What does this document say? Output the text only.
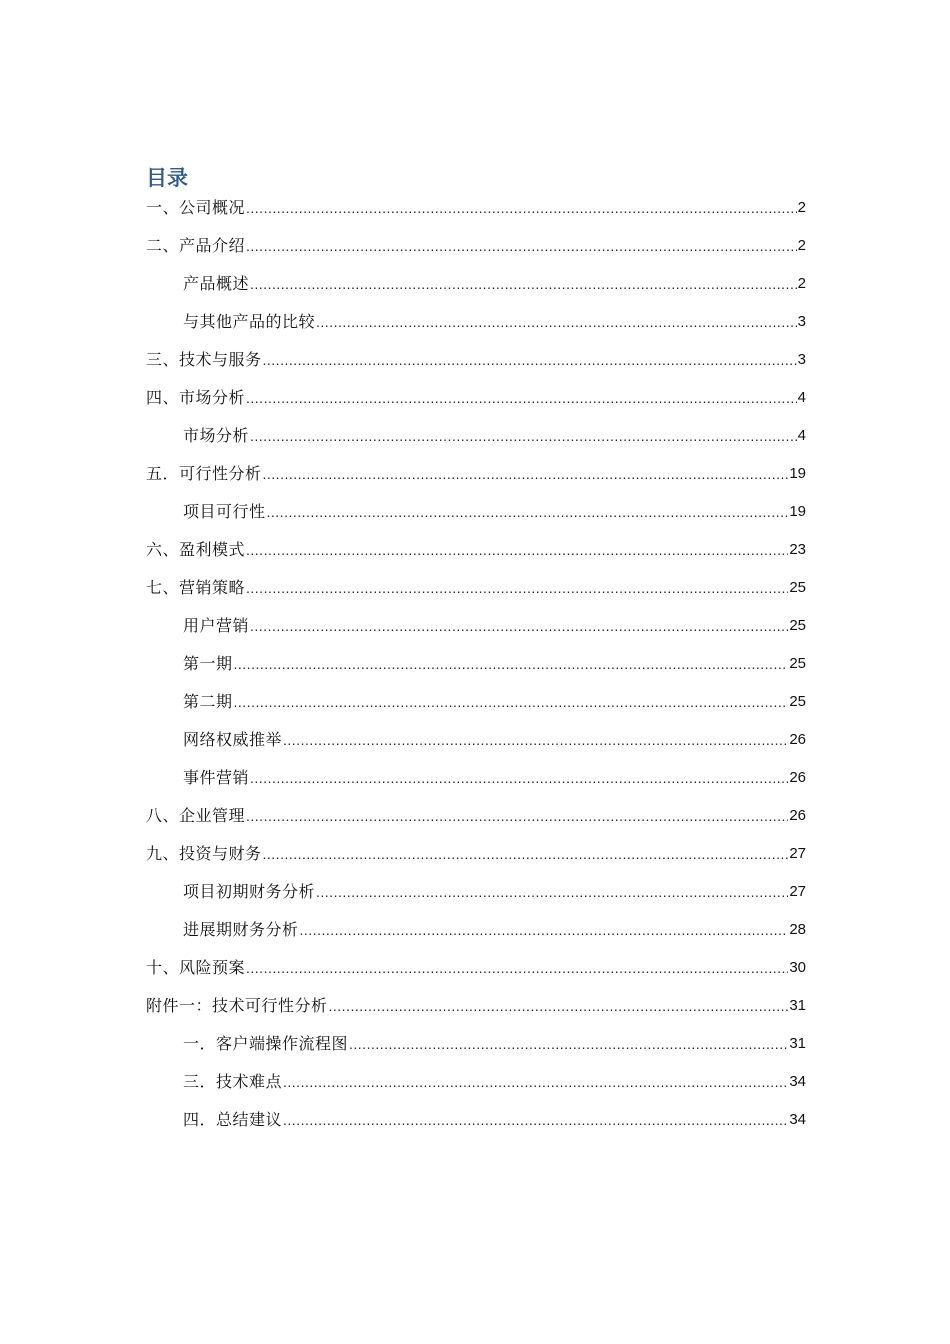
目录
一、公司概况 .....	2
二、产品介绍 .....	2
产品概述 .....	2
与其他产品的比较 .....	3
三、技术与服务 .....	3
四、市场分析 .....	4
市场分析 .....	4
五．可行性分析 .....	19
项目可行性 .....	19
六、盈利模式 .....	23
七、营销策略 .....	25
用户营销 .....	25
第一期 .....	25
第二期 .....	25
网络权威推举 .....	26
事件营销 .....	26
八、企业管理 .....	26
九、投资与财务 .....	27
项目初期财务分析 .....	27
进展期财务分析 .....	28
十、风险预案 .....	30
附件一：技术可行性分析 .....	31
一．客户端操作流程图 .....	31
三．技术难点 .....	34
四．总结建议 .....	34
